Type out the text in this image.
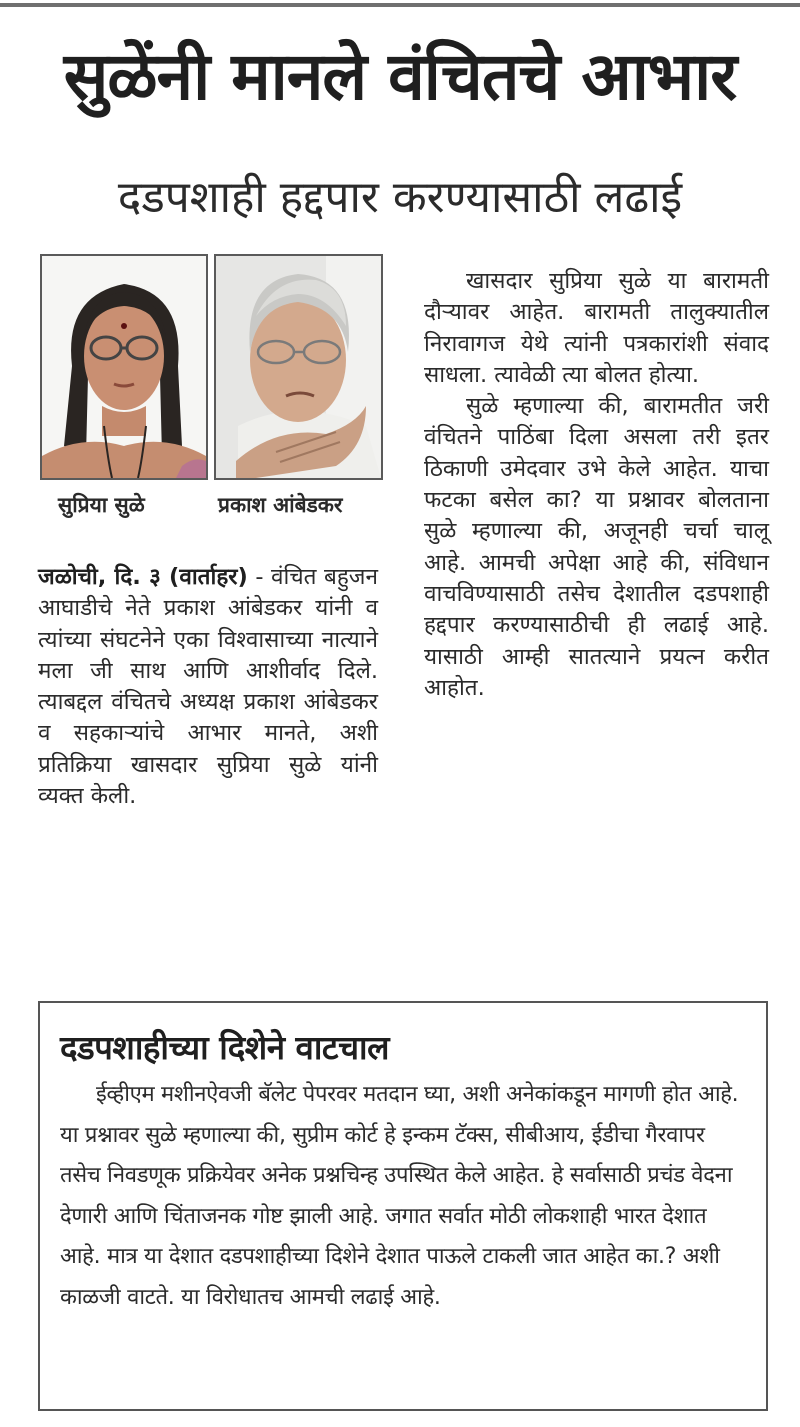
सुळेंनी मानले वंचितचे आभार
दडपशाही हद्दपार करण्यासाठी लढाई
सुप्रिया सुळे	प्रकाश आंबेडकर

जळोची, दि. ३ (वार्ताहर) - वंचित बहुजन आघाडीचे नेते प्रकाश आंबेडकर यांनी व त्यांच्या संघटनेने एका विश्वासाच्या नात्याने मला जी साथ आणि आशीर्वाद दिले. त्याबद्दल वंचितचे अध्यक्ष प्रकाश आंबेडकर व सहकाऱ्यांचे आभार मानते, अशी प्रतिक्रिया खासदार सुप्रिया सुळे यांनी व्यक्त केली.

खासदार सुप्रिया सुळे या बारामती दौऱ्यावर आहेत. बारामती तालुक्यातील निरावागज येथे त्यांनी पत्रकारांशी संवाद साधला. त्यावेळी त्या बोलत होत्या.

सुळे म्हणाल्या की, बारामतीत जरी वंचितने पाठिंबा दिला असला तरी इतर ठिकाणी उमेदवार उभे केले आहेत. याचा फटका बसेल का? या प्रश्नावर बोलताना सुळे म्हणाल्या की, अजूनही चर्चा चालू आहे. आमची अपेक्षा आहे की, संविधान वाचविण्यासाठी तसेच देशातील दडपशाही हद्दपार करण्यासाठीची ही लढाई आहे. यासाठी आम्ही सातत्याने प्रयत्न करीत आहोत.

दडपशाहीच्या दिशेने वाटचाल

ईव्हीएम मशीनऐवजी बॅलेट पेपरवर मतदान घ्या, अशी अनेकांकडून मागणी होत आहे. या प्रश्नावर सुळे म्हणाल्या की, सुप्रीम कोर्ट हे इन्कम टॅक्स, सीबीआय, ईडीचा गैरवापर तसेच निवडणूक प्रक्रियेवर अनेक प्रश्नचिन्ह उपस्थित केले आहेत. हे सर्वासाठी प्रचंड वेदना देणारी आणि चिंताजनक गोष्ट झाली आहे. जगात सर्वात मोठी लोकशाही भारत देशात आहे. मात्र या देशात दडपशाहीच्या दिशेने देशात पाऊले टाकली जात आहेत का.? अशी काळजी वाटते. या विरोधातच आमची लढाई आहे.
